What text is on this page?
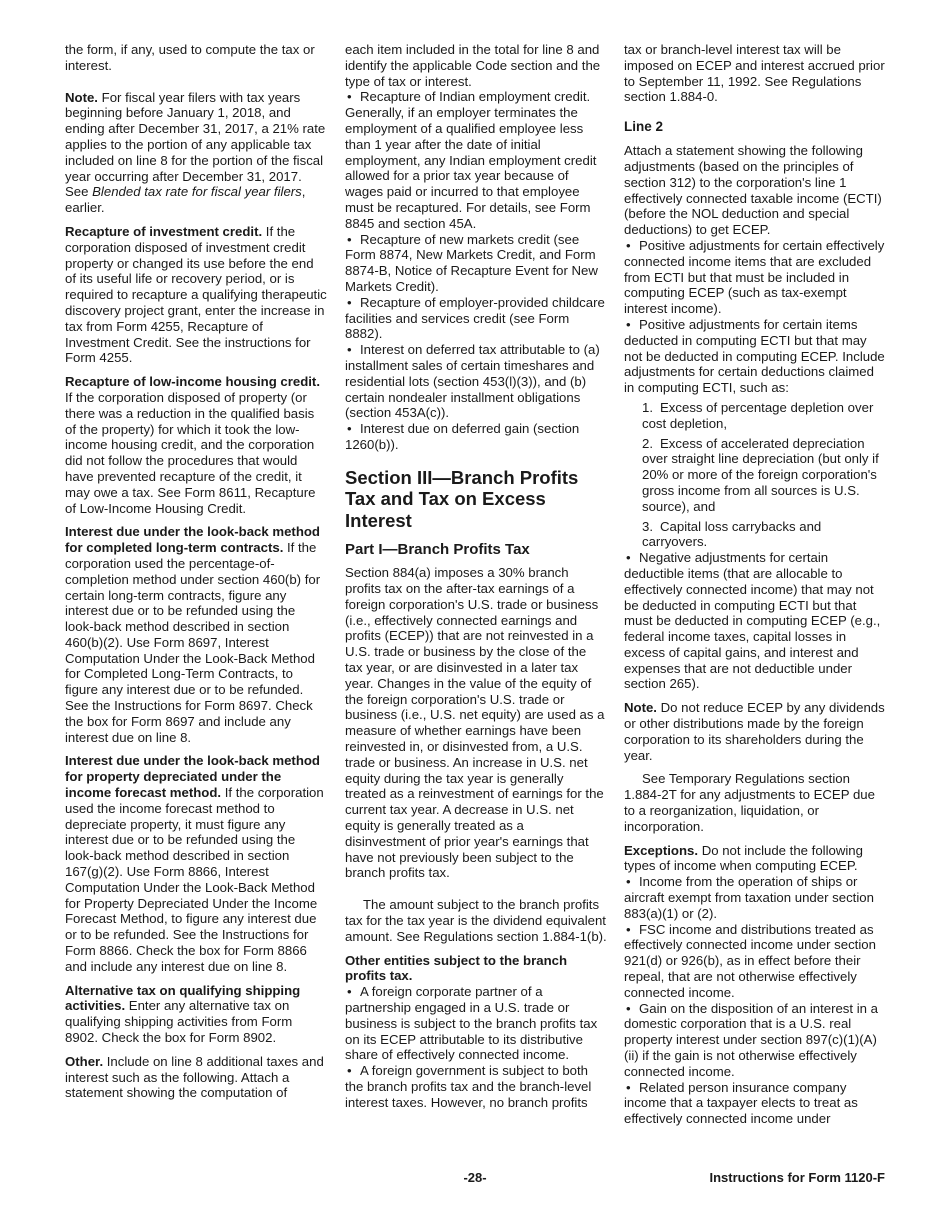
the form, if any, used to compute the tax or interest.

Note. For fiscal year filers with tax years beginning before January 1, 2018, and ending after December 31, 2017, a 21% rate applies to the portion of any applicable tax included on line 8 for the portion of the fiscal year occurring after December 31, 2017. See Blended tax rate for fiscal year filers, earlier.

Recapture of investment credit. If the corporation disposed of investment credit property or changed its use before the end of its useful life or recovery period, or is required to recapture a qualifying therapeutic discovery project grant, enter the increase in tax from Form 4255, Recapture of Investment Credit. See the instructions for Form 4255.

Recapture of low-income housing credit. If the corporation disposed of property (or there was a reduction in the qualified basis of the property) for which it took the low-income housing credit, and the corporation did not follow the procedures that would have prevented recapture of the credit, it may owe a tax. See Form 8611, Recapture of Low-Income Housing Credit.

Interest due under the look-back method for completed long-term contracts. If the corporation used the percentage-of-completion method under section 460(b) for certain long-term contracts, figure any interest due or to be refunded using the look-back method described in section 460(b)(2). Use Form 8697, Interest Computation Under the Look-Back Method for Completed Long-Term Contracts, to figure any interest due or to be refunded. See the Instructions for Form 8697. Check the box for Form 8697 and include any interest due on line 8.

Interest due under the look-back method for property depreciated under the income forecast method. If the corporation used the income forecast method to depreciate property, it must figure any interest due or to be refunded using the look-back method described in section 167(g)(2). Use Form 8866, Interest Computation Under the Look-Back Method for Property Depreciated Under the Income Forecast Method, to figure any interest due or to be refunded. See the Instructions for Form 8866. Check the box for Form 8866 and include any interest due on line 8.

Alternative tax on qualifying shipping activities. Enter any alternative tax on qualifying shipping activities from Form 8902. Check the box for Form 8902.

Other. Include on line 8 additional taxes and interest such as the following. Attach a statement showing the computation of

each item included in the total for line 8 and identify the applicable Code section and the type of tax or interest.

• Recapture of Indian employment credit. Generally, if an employer terminates the employment of a qualified employee less than 1 year after the date of initial employment, any Indian employment credit allowed for a prior tax year because of wages paid or incurred to that employee must be recaptured. For details, see Form 8845 and section 45A.

• Recapture of new markets credit (see Form 8874, New Markets Credit, and Form 8874-B, Notice of Recapture Event for New Markets Credit).

• Recapture of employer-provided childcare facilities and services credit (see Form 8882).

• Interest on deferred tax attributable to (a) installment sales of certain timeshares and residential lots (section 453(l)(3)), and (b) certain nondealer installment obligations (section 453A(c)).

• Interest due on deferred gain (section 1260(b)).

Section III—Branch Profits Tax and Tax on Excess Interest
Part I—Branch Profits Tax

Section 884(a) imposes a 30% branch profits tax on the after-tax earnings of a foreign corporation's U.S. trade or business (i.e., effectively connected earnings and profits (ECEP)) that are not reinvested in a U.S. trade or business by the close of the tax year, or are disinvested in a later tax year. Changes in the value of the equity of the foreign corporation's U.S. trade or business (i.e., U.S. net equity) are used as a measure of whether earnings have been reinvested in, or disinvested from, a U.S. trade or business. An increase in U.S. net equity during the tax year is generally treated as a reinvestment of earnings for the current tax year. A decrease in U.S. net equity is generally treated as a disinvestment of prior year's earnings that have not previously been subject to the branch profits tax.

The amount subject to the branch profits tax for the tax year is the dividend equivalent amount. See Regulations section 1.884-1(b).

Other entities subject to the branch profits tax.

• A foreign corporate partner of a partnership engaged in a U.S. trade or business is subject to the branch profits tax on its ECEP attributable to its distributive share of effectively connected income.

• A foreign government is subject to both the branch profits tax and the branch-level interest taxes. However, no branch profits

tax or branch-level interest tax will be imposed on ECEP and interest accrued prior to September 11, 1992. See Regulations section 1.884-0.

Line 2

Attach a statement showing the following adjustments (based on the principles of section 312) to the corporation's line 1 effectively connected taxable income (ECTI) (before the NOL deduction and special deductions) to get ECEP.

• Positive adjustments for certain effectively connected income items that are excluded from ECTI but that must be included in computing ECEP (such as tax-exempt interest income).

• Positive adjustments for certain items deducted in computing ECTI but that may not be deducted in computing ECEP. Include adjustments for certain deductions claimed in computing ECTI, such as:

1. Excess of percentage depletion over cost depletion,

2. Excess of accelerated depreciation over straight line depreciation (but only if 20% or more of the foreign corporation's gross income from all sources is U.S. source), and

3. Capital loss carrybacks and carryovers.

• Negative adjustments for certain deductible items (that are allocable to effectively connected income) that may not be deducted in computing ECTI but that must be deducted in computing ECEP (e.g., federal income taxes, capital losses in excess of capital gains, and interest and expenses that are not deductible under section 265).

Note. Do not reduce ECEP by any dividends or other distributions made by the foreign corporation to its shareholders during the year.

See Temporary Regulations section 1.884-2T for any adjustments to ECEP due to a reorganization, liquidation, or incorporation.

Exceptions. Do not include the following types of income when computing ECEP.

• Income from the operation of ships or aircraft exempt from taxation under section 883(a)(1) or (2).

• FSC income and distributions treated as effectively connected income under section 921(d) or 926(b), as in effect before their repeal, that are not otherwise effectively connected income.

• Gain on the disposition of an interest in a domestic corporation that is a U.S. real property interest under section 897(c)(1)(A)(ii) if the gain is not otherwise effectively connected income.

• Related person insurance company income that a taxpayer elects to treat as effectively connected income under

-28-	Instructions for Form 1120-F
